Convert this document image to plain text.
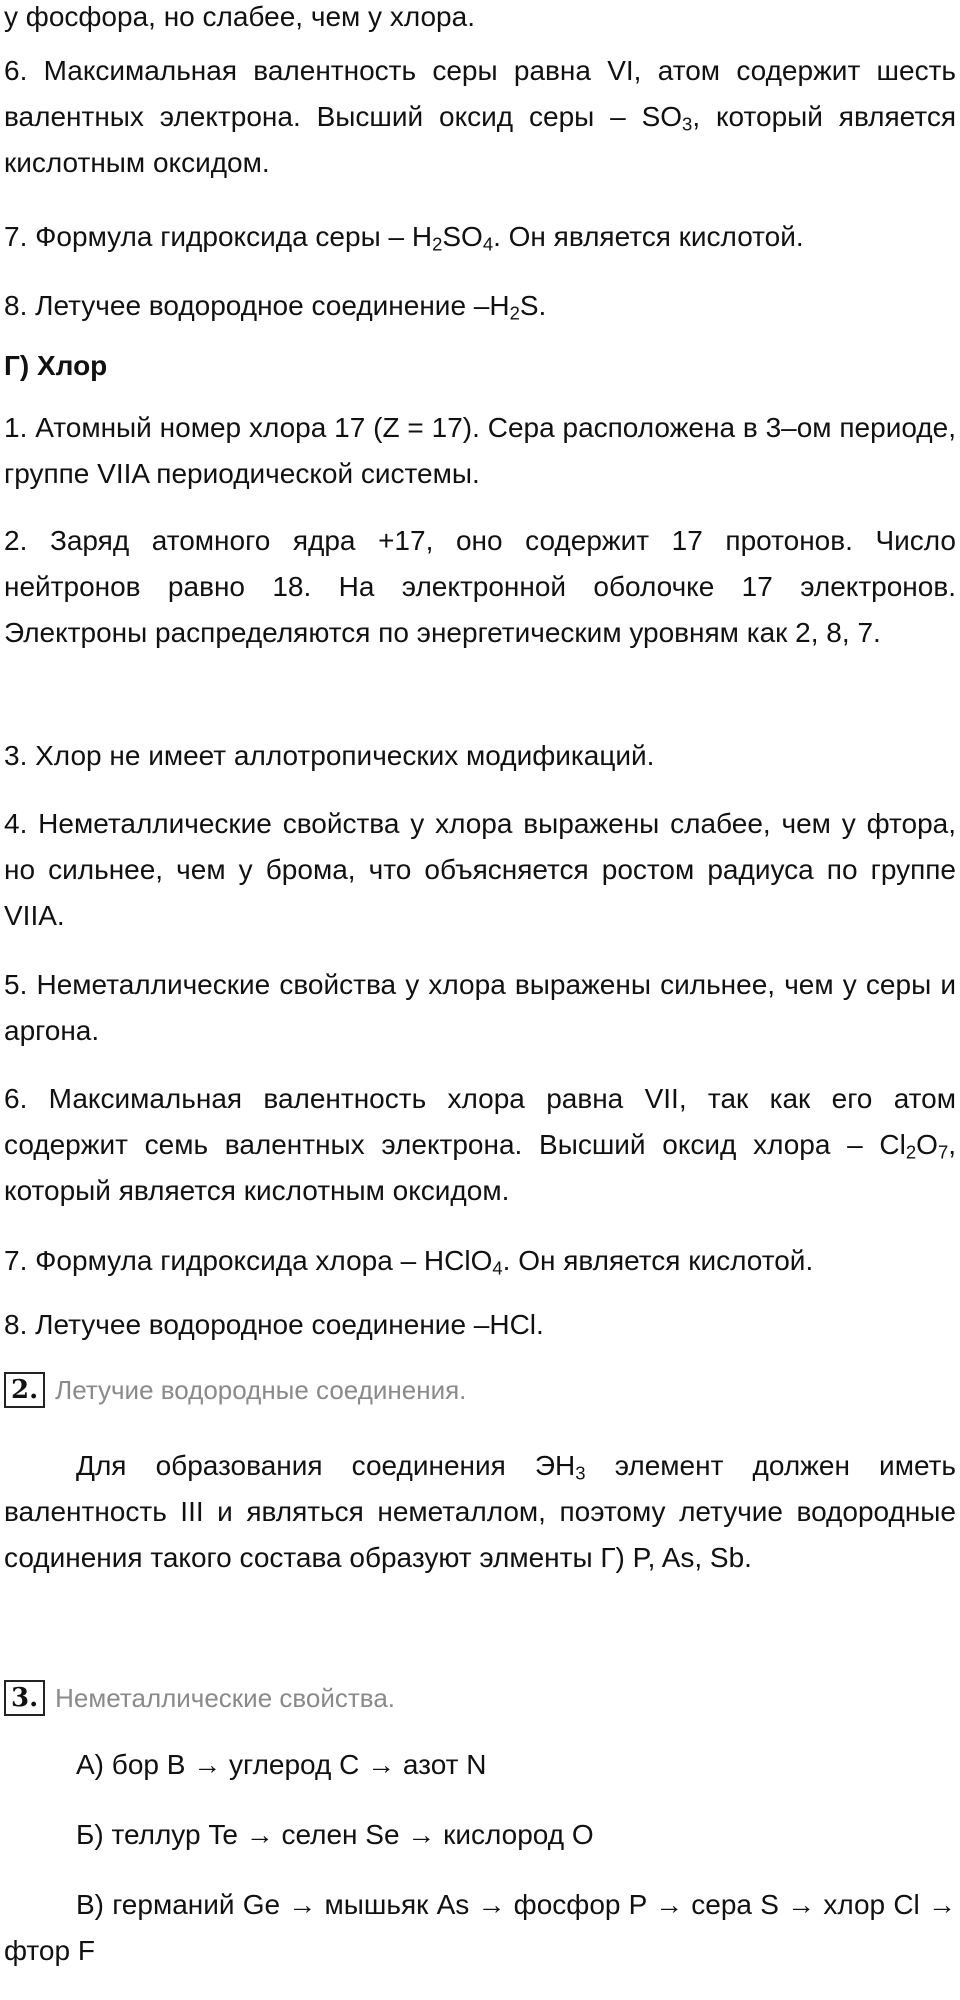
у фосфора, но слабее, чем у хлора.

6. Максимальная валентность серы равна VI, атом содержит шесть валентных электрона. Высший оксид серы – $SO_3$, который является кислотным оксидом.

7. Формула гидроксида серы – $H_2SO_4$. Он является кислотой.

8. Летучее водородное соединение $-H_2S$.

Г) Хлор

1. Атомный номер хлора 17 (Z = 17). Сера расположена в 3–ом периоде, группе VIIA периодической системы.

2. Заряд атомного ядра +17, оно содержит 17 протонов. Число нейтронов равно 18. На электронной оболочке 17 электронов. Электроны распределяются по энергетическим уровням как 2, 8, 7.

3. Хлор не имеет аллотропических модификаций.

4. Неметаллические свойства у хлора выражены слабее, чем у фтора, но сильнее, чем у брома, что объясняется ростом радиуса по группе VIIA.

5. Неметаллические свойства у хлора выражены сильнее, чем у серы и аргона.

6. Максимальная валентность хлора равна VII, так как его атом содержит семь валентных электрона. Высший оксид хлора – $Cl_2O_7$, который является кислотным оксидом.

7. Формула гидроксида хлора – HClO$_4$. Он является кислотой.

8. Летучее водородное соединение –HCl.

2. Летучие водородные соединения.

Для образования соединения $ЭH_3$ элемент должен иметь валентность III и являться неметаллом, поэтому летучие водородные содинения такого состава образуют элменты Г) P, As, Sb.

3. Неметаллические свойства.

А) бор B → углерод C → азот N

Б) теллур Te → селен Se → кислород O

В) германий Ge → мышьяк As → фосфор P → сера S → хлор Cl → фтор F
